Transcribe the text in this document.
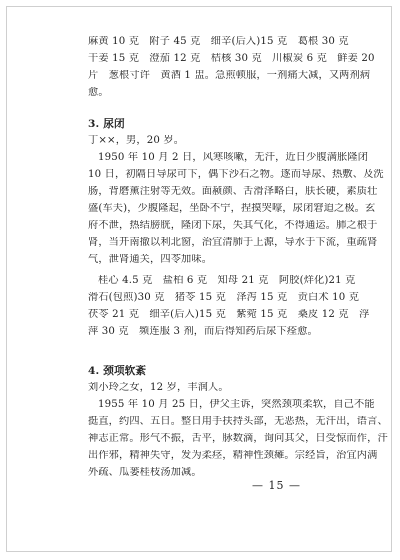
麻黄 10 克　附子 45 克　细辛(后入)15 克　葛根 30 克
干姜 15 克　澄茄 12 克　桔核 30 克　川椒炭 6 克　鲜姜 20
片　葱根寸许　黄酒 1 盅。急煎顿服，一剂痛大减，又两剂病
愈。
3. 尿闭
丁××，男，20 岁。
1950 年 10 月 2 日，风寒咳嗽，无汗，近日少腹满胀隆闭
10 日，初隔日导尿可下，偶下沙石之物。逐而导尿、热敷、及洗
肠，背磨薰注射等无效。面赪颜、舌滑泽略白，肤长硬，素质壮
盛(车夫)，少腹隆起，坐卧不宁，捏摸哭嚎，尿闭窘迫之极。玄
府不泄，热结膀胱，隆闭下尿，失其气化，不得通运。肺之根于
肾，当开南撤以利北窗，治宜清肺于上源，导水于下流，重疏肾
气，泄肾通关，四苓加味。
桂心 4.5 克　盐柏 6 克　知母 21 克　阿胶(烊化)21 克
滑石(包煎)30 克　猪苓 15 克　泽泻 15 克　贡白术 10 克
茯苓 21 克　细辛(后入)15 克　紫菀 15 克　桑皮 12 克　浮
萍 30 克　频连服 3 剂，而后得知药后尿下痊愈。
4. 颈项软紊
刘小玲之女，12 岁，丰润人。
1955 年 10 月 25 日，伊父主诉，突然颈项柔软，自己不能
挺直，约四、五日。整日用手扶持头部，无恶热，无汗出，语言、
神志正常。形气不振，舌平，脉数滴，询问其父，日受惊而作，汗
出作邪，精神失守，发为柔痉，精神性颈瘫。宗经旨，治宜内满
外疏、瓜蒌桂枝汤加减。
— 15 —
